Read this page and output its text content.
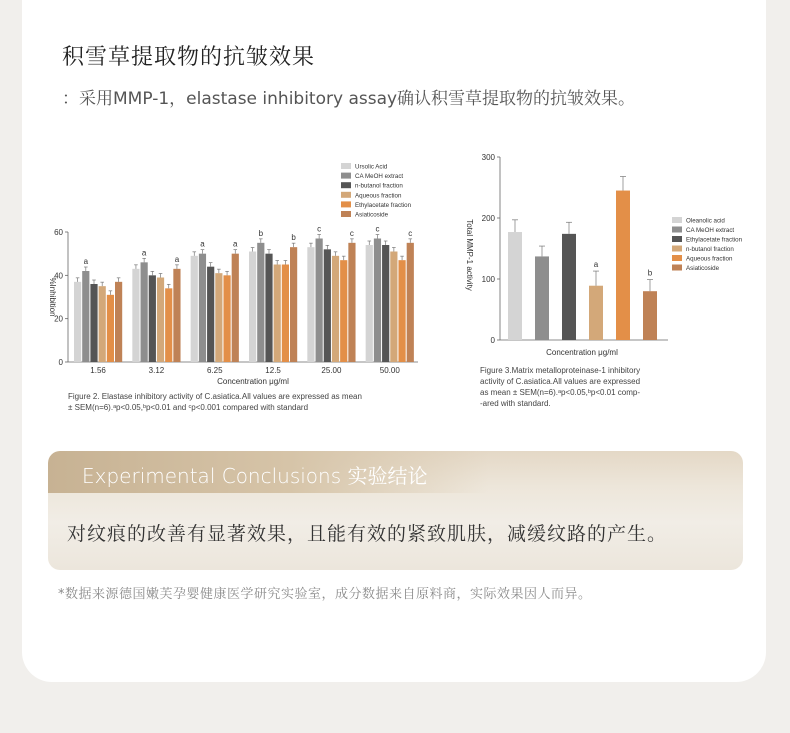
积雪草提取物的抗皱效果
：采用MMP-1，elastase inhibitory assay确认积雪草提取物的抗皱效果。
0
20
40
60
%Inhibition
1.56	3.12	6.25	12.5	25.00	50.00
a
a
a
a	a
b	b
c	c	c	c
Concentration μg/ml
Ursolic Acid
CA MeOH extract
n-butanol fraction
Aqueous fraction
Ethylacetate fraction
Asiaticoside
Figure 2. Elastase inhibitory activity of C.asiatica.All values are expressed as mean
± SEM(n=6).ᵃp<0.05,ᵇp<0.01 and ᶜp<0.001 compared with standard
0
100
200
300
Total MMP-1 activity	a
b
Concentration μg/ml
Oleanolic acid
CA MeOH extract
Ethylacetate fraction
n-butanol fraction
Aqueous fraction
Asiaticoside
Figure 3.Matrix metalloproteinase-1 inhibitory
activity of C.asiatica.All values are expressed
as mean ± SEM(n=6).ᵃp<0.05,ᵇp<0.01 comp-
-ared with standard.
Experimental Conclusions 实验结论
对纹痕的改善有显著效果，且能有效的紧致肌肤，减缓纹路的产生。
*数据来源德国嫩芙孕婴健康医学研究实验室，成分数据来自原料商，实际效果因人而异。
